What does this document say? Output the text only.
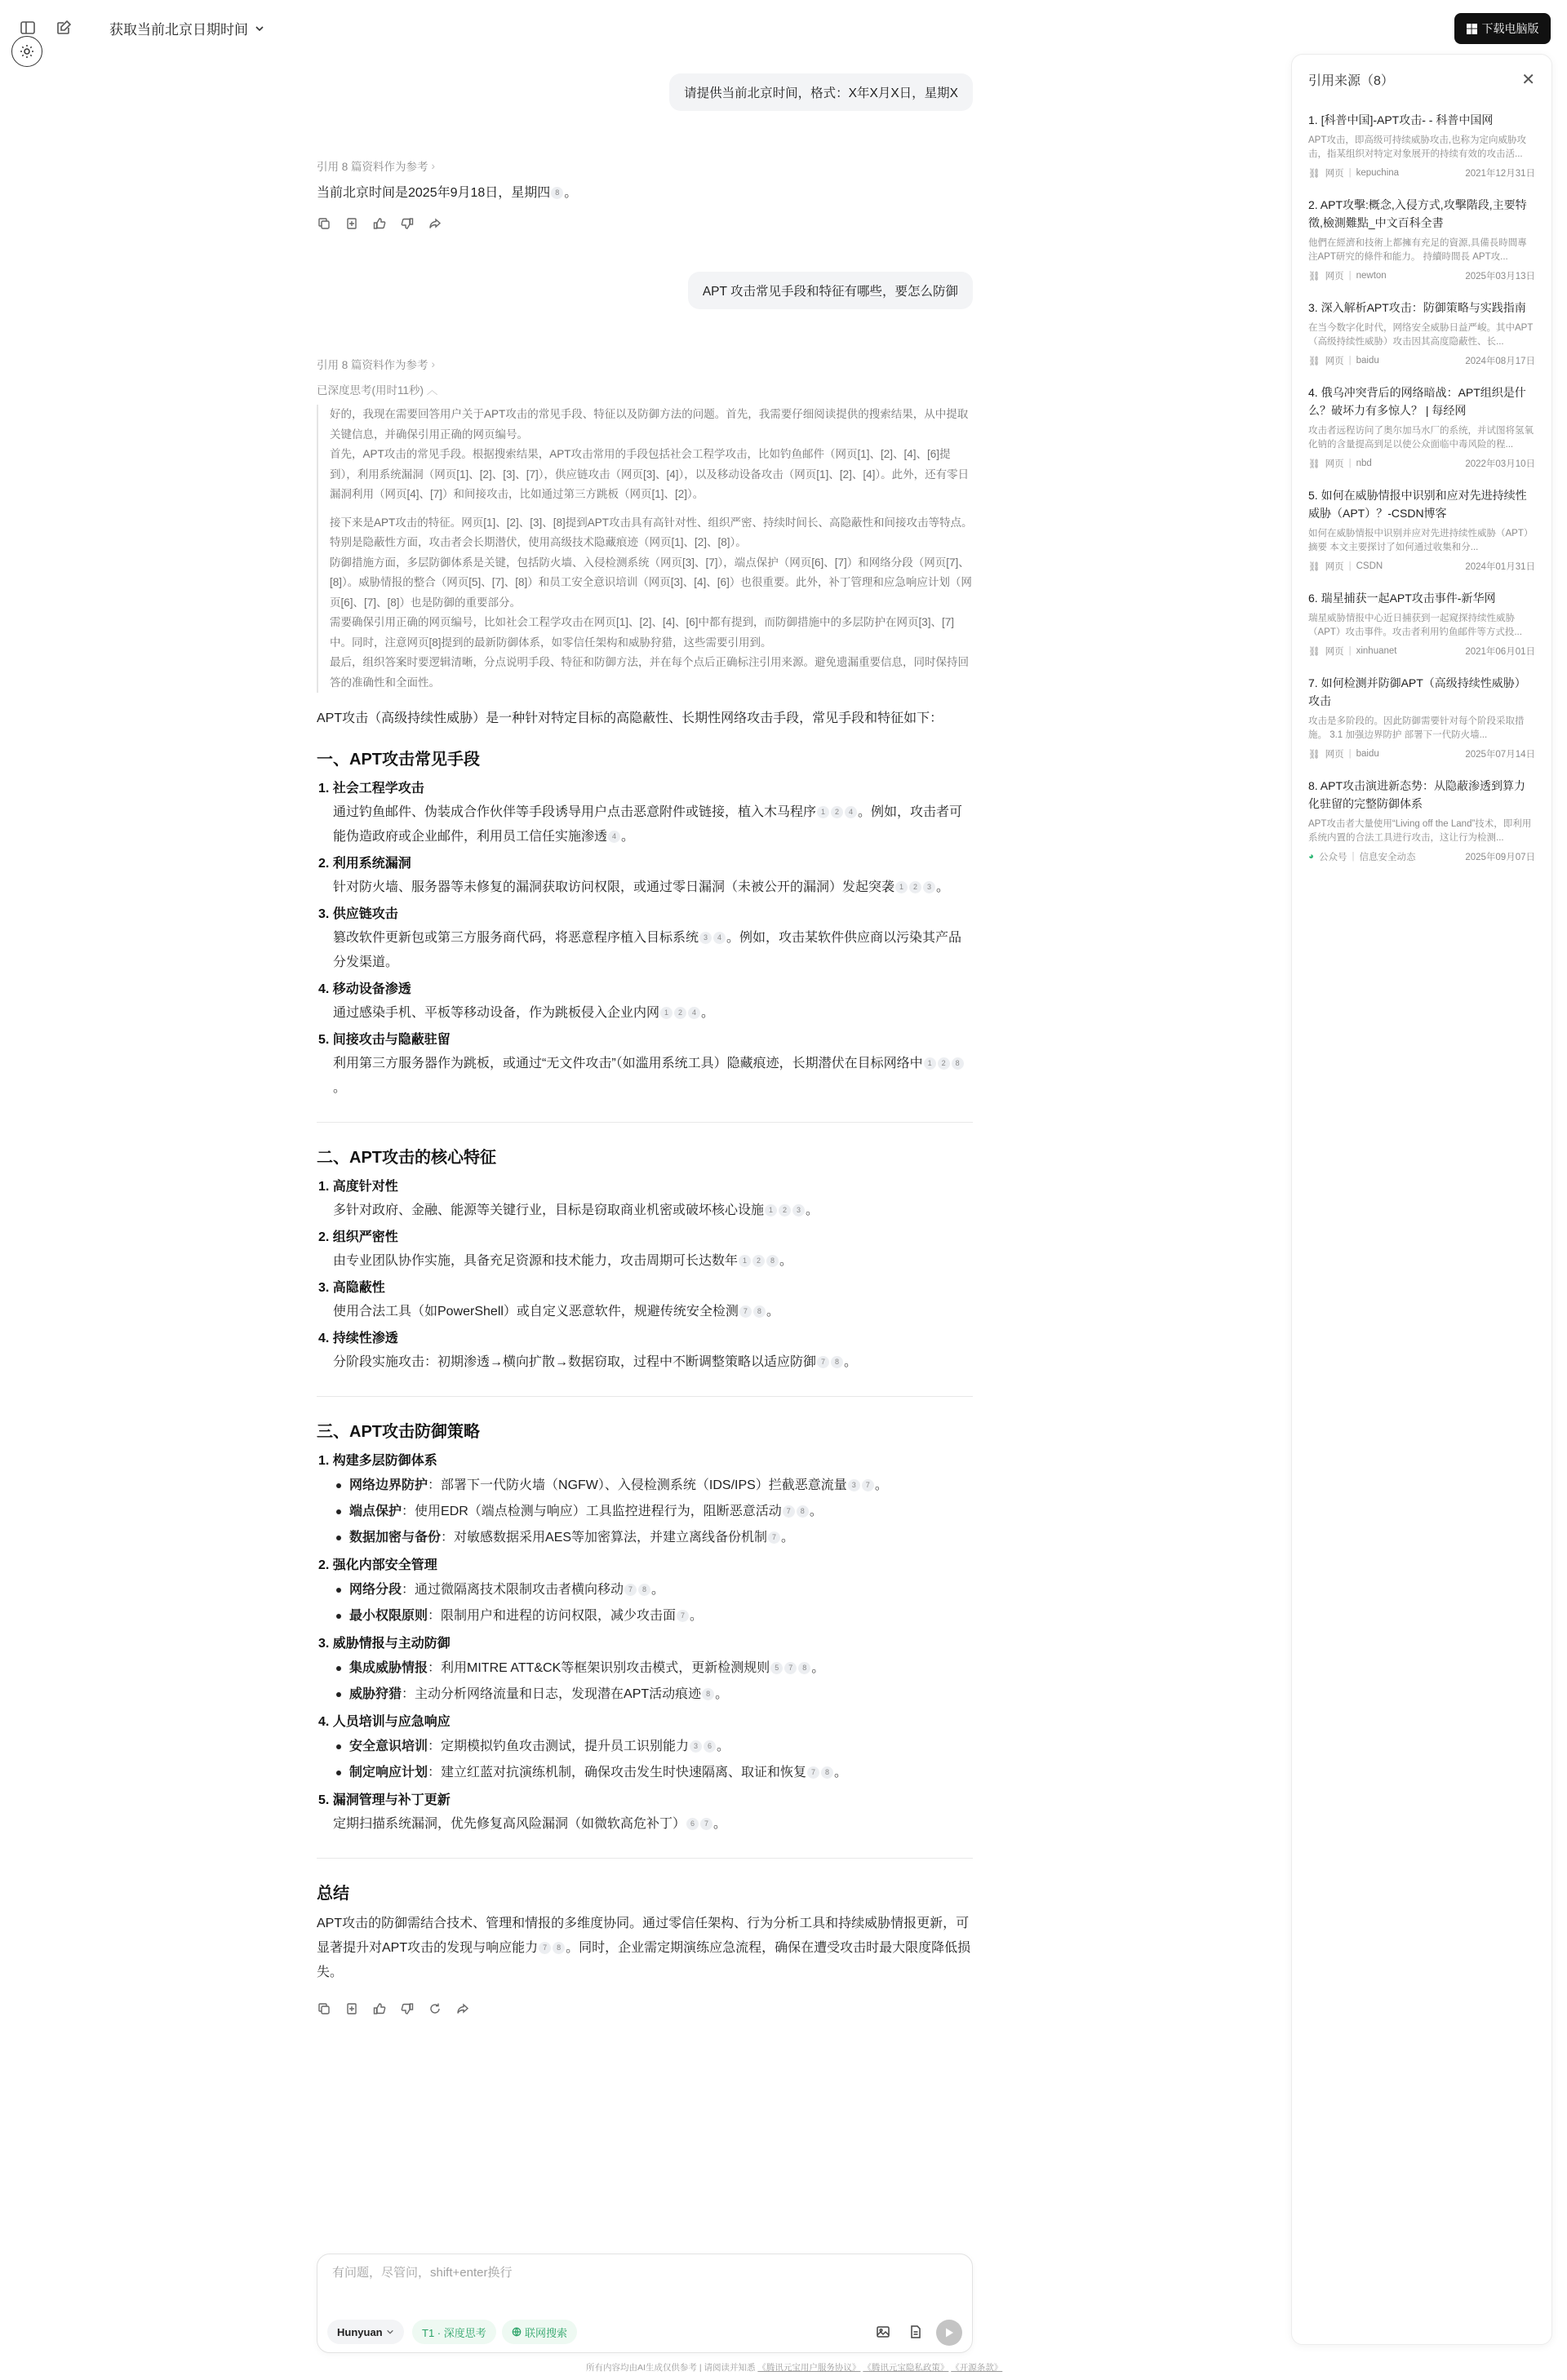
获取当前北京日期时间	下载电脑版
请提供当前北京时间，格式：X年X月X日，星期X
引用 8 篇资料作为参考 ›
当前北京时间是2025年9月18日，星期四 8 。
APT 攻击常见手段和特征有哪些，要怎么防御
引用 8 篇资料作为参考 ›
已深度思考(用时11秒) ︿

好的，我现在需要回答用户关于APT攻击的常见手段、特征以及防御方法的问题。首先，我需要仔细阅读提供的搜索结果，从中提取关键信息，并确保引用正确的网页编号。
首先，APT攻击的常见手段。根据搜索结果，APT攻击常用的手段包括社会工程学攻击，比如钓鱼邮件（网页[1]、[2]、[4]、[6]提到），利用系统漏洞（网页[1]、[2]、[3]、[7]），供应链攻击（网页[3]、[4]），以及移动设备攻击（网页[1]、[2]、[4]）。此外，还有零日漏洞利用（网页[4]、[7]）和间接攻击，比如通过第三方跳板（网页[1]、[2]）。

接下来是APT攻击的特征。网页[1]、[2]、[3]、[8]提到APT攻击具有高针对性、组织严密、持续时间长、高隐蔽性和间接攻击等特点。特别是隐蔽性方面，攻击者会长期潜伏，使用高级技术隐藏痕迹（网页[1]、[2]、[8]）。
防御措施方面，多层防御体系是关键，包括防火墙、入侵检测系统（网页[3]、[7]），端点保护（网页[6]、[7]）和网络分段（网页[7]、[8]）。威胁情报的整合（网页[5]、[7]、[8]）和员工安全意识培训（网页[3]、[4]、[6]）也很重要。此外，补丁管理和应急响应计划（网页[6]、[7]、[8]）也是防御的重要部分。
需要确保引用正确的网页编号，比如社会工程学攻击在网页[1]、[2]、[4]、[6]中都有提到，而防御措施中的多层防护在网页[3]、[7]中。同时，注意网页[8]提到的最新防御体系，如零信任架构和威胁狩猎，这些需要引用到。
最后，组织答案时要逻辑清晰，分点说明手段、特征和防御方法，并在每个点后正确标注引用来源。避免遗漏重要信息，同时保持回答的准确性和全面性。

APT攻击（高级持续性威胁）是一种针对特定目标的高隐蔽性、长期性网络攻击手段，常见手段和特征如下：
一、APT攻击常见手段
1. 社会工程学攻击
通过钓鱼邮件、伪装成合作伙伴等手段诱导用户点击恶意附件或链接，植入木马程序 1 2 4 。例如，攻击者可能伪造政府或企业邮件，利用员工信任实施渗透 4 。
2. 利用系统漏洞
针对防火墙、服务器等未修复的漏洞获取访问权限，或通过零日漏洞（未被公开的漏洞）发起突袭 1 2 3 。
3. 供应链攻击
篡改软件更新包或第三方服务商代码，将恶意程序植入目标系统 3 4 。例如，攻击某软件供应商以污染其产品分发渠道。
4. 移动设备渗透
通过感染手机、平板等移动设备，作为跳板侵入企业内网 1 2 4 。
5. 间接攻击与隐蔽驻留
利用第三方服务器作为跳板，或通过“无文件攻击”（如滥用系统工具）隐藏痕迹，长期潜伏在目标网络中 1 2 8。
二、APT攻击的核心特征
1. 高度针对性
多针对政府、金融、能源等关键行业，目标是窃取商业机密或破坏核心设施 1 2 3 。
2. 组织严密性
由专业团队协作实施，具备充足资源和技术能力，攻击周期可长达数年 1 2 8 。
3. 高隐蔽性
使用合法工具（如PowerShell）或自定义恶意软件，规避传统安全检测 7 8 。
4. 持续性渗透
分阶段实施攻击：初期渗透→横向扩散→数据窃取，过程中不断调整策略以适应防御 7 8 。
三、APT攻击防御策略
1. 构建多层防御体系
网络边界防护：部署下一代防火墙（NGFW）、入侵检测系统（IDS/IPS）拦截恶意流量 3 7 。
端点保护：使用EDR（端点检测与响应）工具监控进程行为，阻断恶意活动 7 8 。
数据加密与备份：对敏感数据采用AES等加密算法，并建立离线备份机制 7 。
2. 强化内部安全管理
网络分段：通过微隔离技术限制攻击者横向移动 7 8 。
最小权限原则：限制用户和进程的访问权限，减少攻击面 7 。
3. 威胁情报与主动防御
集成威胁情报：利用MITRE ATT&CK等框架识别攻击模式，更新检测规则 5 7 8 。
威胁狩猎：主动分析网络流量和日志，发现潜在APT活动痕迹 8 。
4. 人员培训与应急响应
安全意识培训：定期模拟钓鱼攻击测试，提升员工识别能力 3 6 。
制定响应计划：建立红蓝对抗演练机制，确保攻击发生时快速隔离、取证和恢复 7 8 。
5. 漏洞管理与补丁更新
定期扫描系统漏洞，优先修复高风险漏洞（如微软高危补丁） 6 7 。
总结
APT攻击的防御需结合技术、管理和情报的多维度协同。通过零信任架构、行为分析工具和持续威胁情报更新，可显著提升对APT攻击的发现与响应能力 7 8 。同时，企业需定期演练应急流程，确保在遭受攻击时最大限度降低损失。
引用来源（8）	✕
1. [科普中国]-APT攻击- - 科普中国网
APT攻击，即高级可持续威胁攻击,也称为定向威胁攻击，指某组织对特定对象展开的持续有效的攻击活...
⛓ 网页 | kepuchina	2021年12月31日
2. APT攻擊:概念,入侵方式,攻擊階段,主要特徵,檢測難點_中文百科全書
他們在經濟和技術上都擁有充足的資源,具備長時間專注APT研究的條件和能力。 持續時間長 APT攻...
⛓ 网页 | newton	2025年03月13日
3. 深入解析APT攻击：防御策略与实践指南
在当今数字化时代，网络安全威胁日益严峻。其中APT（高级持续性威胁）攻击因其高度隐蔽性、长...
⛓ 网页 | baidu	2024年08月17日
4. 俄乌冲突背后的网络暗战：APT组织是什么？破坏力有多惊人？ | 每经网
攻击者远程访问了奥尔加马水厂的系统，并试图将氢氧化钠的含量提高到足以使公众面临中毒风险的程...
⛓ 网页 | nbd	2022年03月10日
5. 如何在威胁情报中识别和应对先进持续性威胁（APT）？-CSDN博客
如何在威胁情报中识别并应对先进持续性威胁（APT） 摘要 本文主要探讨了如何通过收集和分...
⛓ 网页 | CSDN	2024年01月31日
6. 瑞星捕获一起APT攻击事件-新华网
瑞星威胁情报中心近日捕获到一起窥探持续性威胁（APT）攻击事件。攻击者利用钓鱼邮件等方式投...
⛓ 网页 | xinhuanet	2021年06月01日
7. 如何检测并防御APT（高级持续性威胁）攻击
攻击是多阶段的。因此防御需要针对每个阶段采取措施。 3.1 加强边界防护 部署下一代防火墙...
⛓ 网页 | baidu	2025年07月14日
8. APT攻击演进新态势：从隐蔽渗透到算力化驻留的完整防御体系
APT攻击者大量使用“Living off the Land”技术，即利用系统内置的合法工具进行攻击，这让行为检测...
◕ 公众号 | 信息安全动态	2025年09月07日
有问题，尽管问，shift+enter换行
Hunyuan	T1 · 深度思考	联网搜索
所有内容均由AI生成仅供参考 | 请阅读并知悉 《腾讯元宝用户服务协议》 《腾讯元宝隐私政策》 《开源条款》
